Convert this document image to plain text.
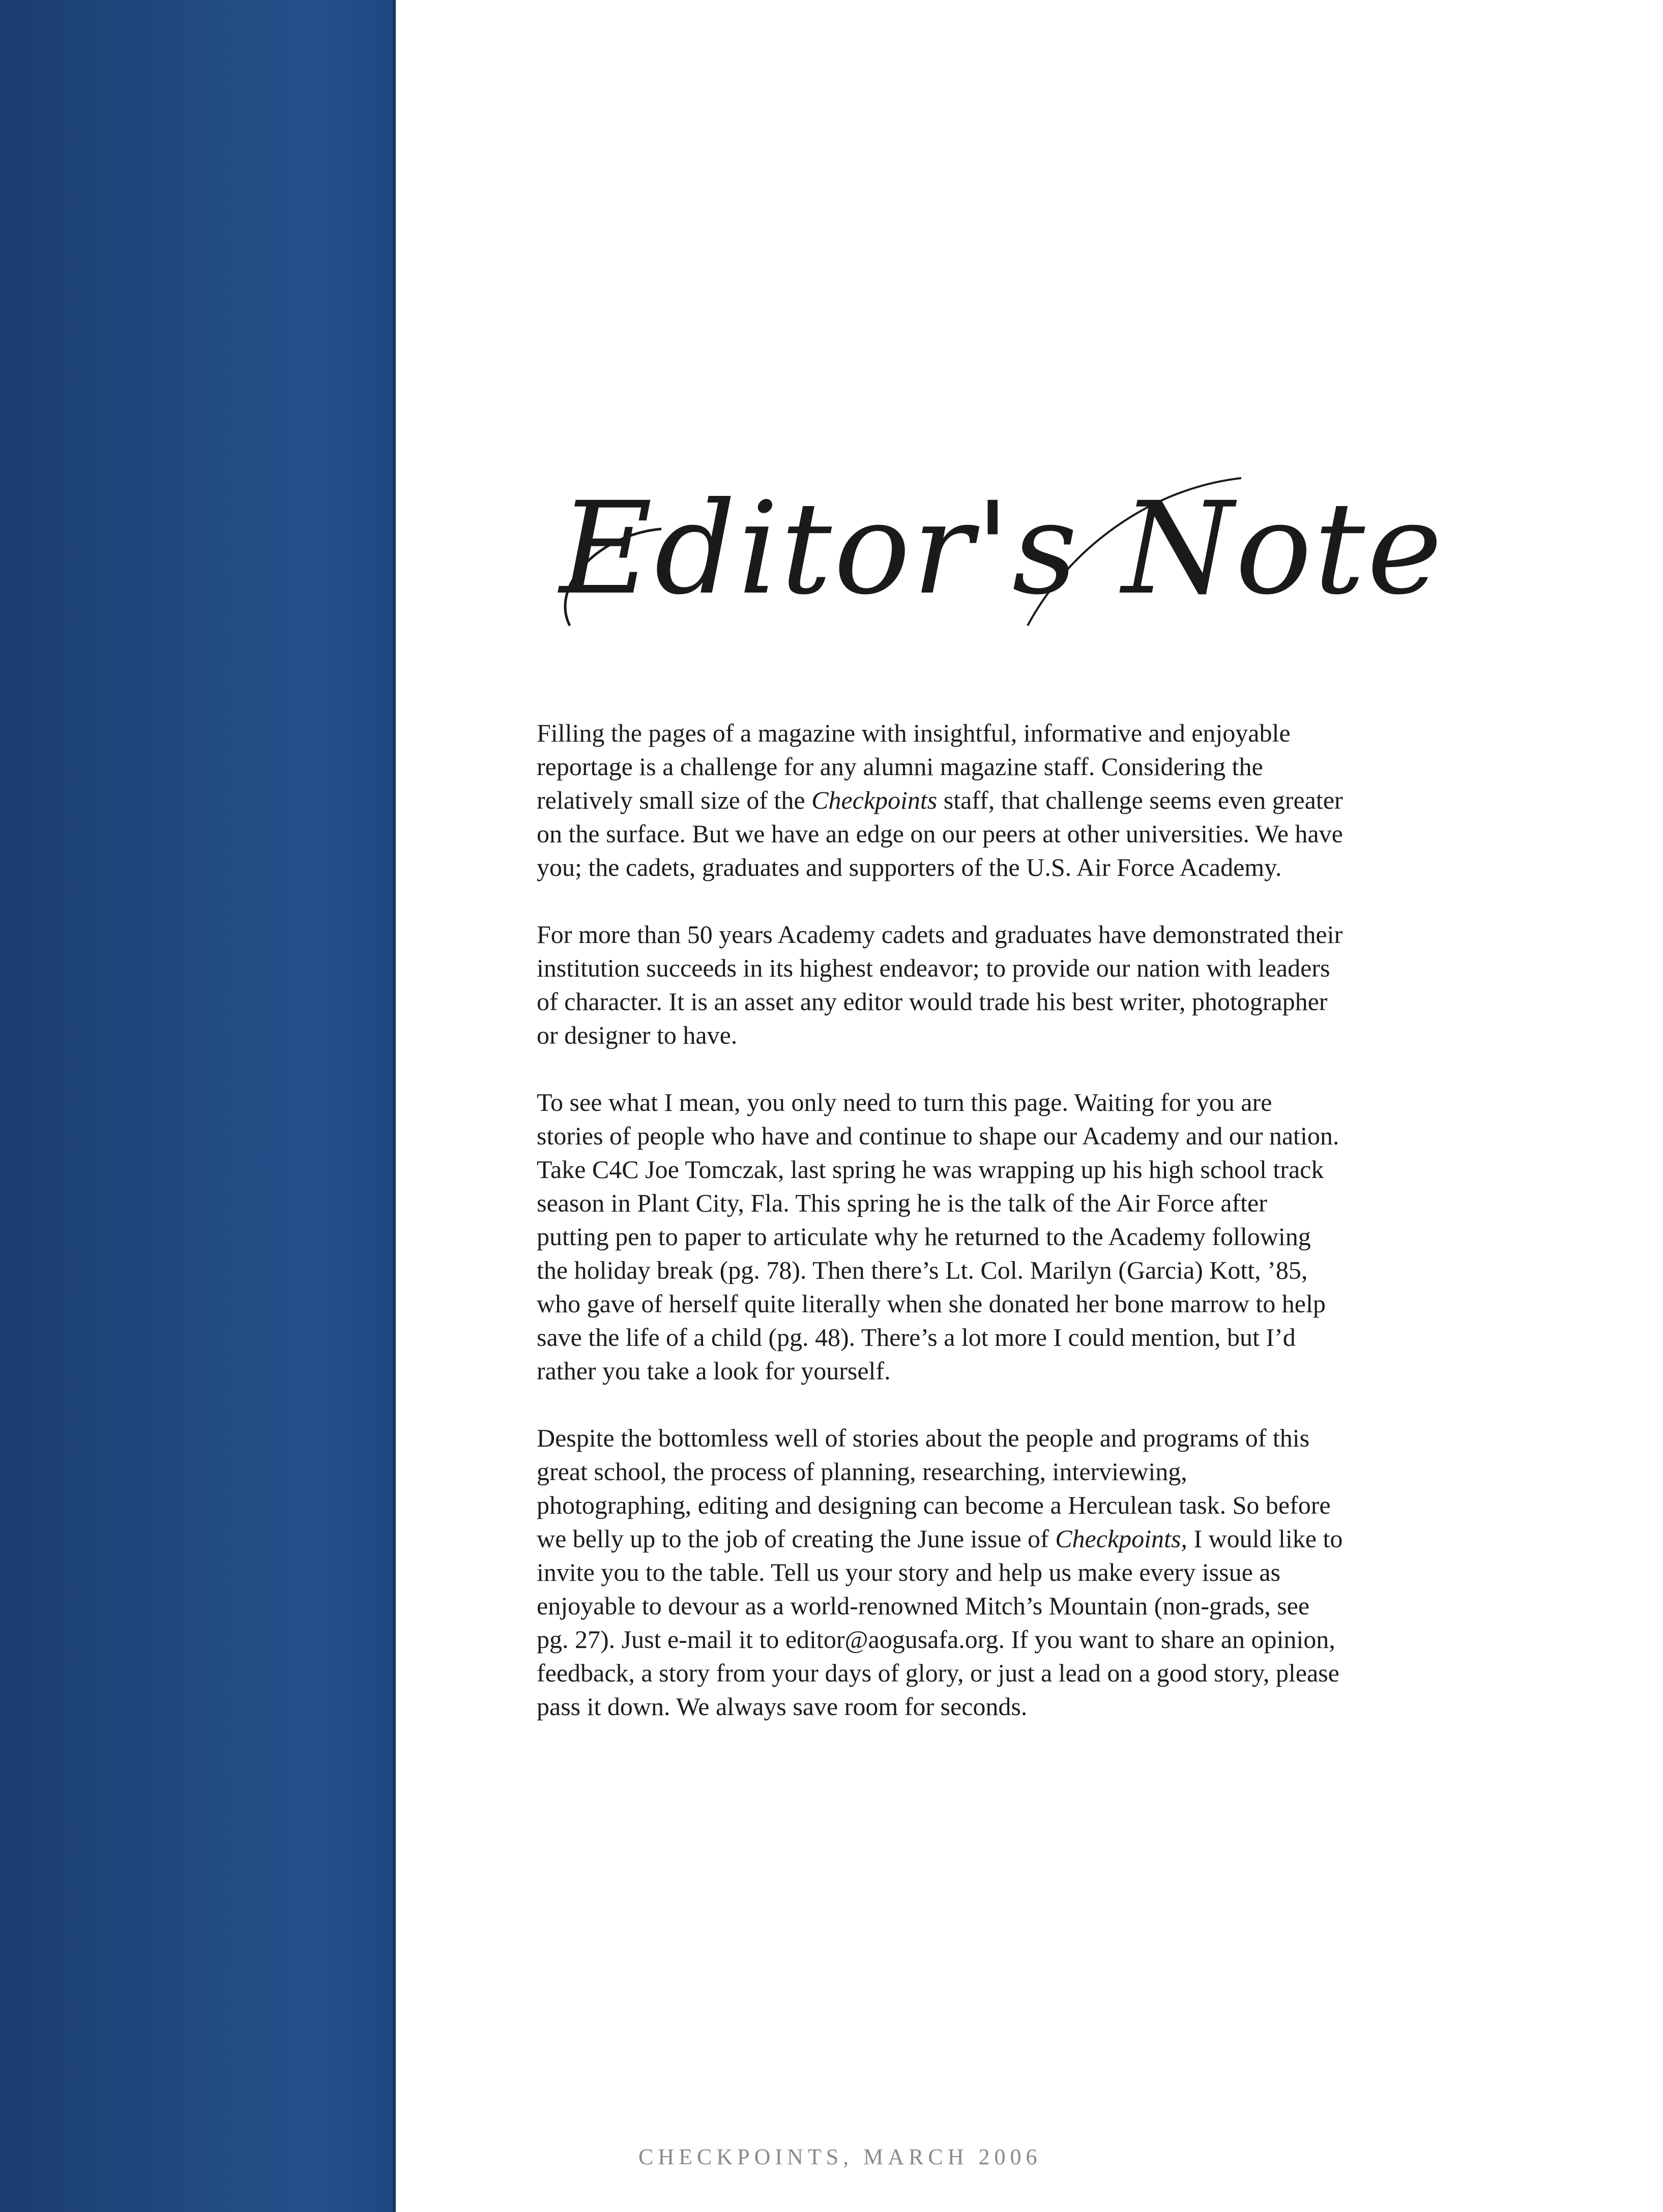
Editor's Note

Filling the pages of a magazine with insightful, informative and enjoyable reportage is a challenge for any alumni magazine staff. Considering the relatively small size of the Checkpoints staff, that challenge seems even greater on the surface. But we have an edge on our peers at other universities. We have you; the cadets, graduates and supporters of the U.S. Air Force Academy.

For more than 50 years Academy cadets and graduates have demonstrated their institution succeeds in its highest endeavor; to provide our nation with leaders of character. It is an asset any editor would trade his best writer, photographer or designer to have.

To see what I mean, you only need to turn this page. Waiting for you are stories of people who have and continue to shape our Academy and our nation. Take C4C Joe Tomczak, last spring he was wrapping up his high school track season in Plant City, Fla. This spring he is the talk of the Air Force after putting pen to paper to articulate why he returned to the Academy following the holiday break (pg. 78). Then there’s Lt. Col. Marilyn (Garcia) Kott, ’85, who gave of herself quite literally when she donated her bone marrow to help save the life of a child (pg. 48). There’s a lot more I could mention, but I’d rather you take a look for yourself.

Despite the bottomless well of stories about the people and programs of this great school, the process of planning, researching, interviewing, photographing, editing and designing can become a Herculean task. So before we belly up to the job of creating the June issue of Checkpoints, I would like to invite you to the table. Tell us your story and help us make every issue as enjoyable to devour as a world-renowned Mitch’s Mountain (non-grads, see pg. 27). Just e-mail it to editor@aogusafa.org. If you want to share an opinion, feedback, a story from your days of glory, or just a lead on a good story, please pass it down. We always save room for seconds.

CHECKPOINTS, MARCH 2006
